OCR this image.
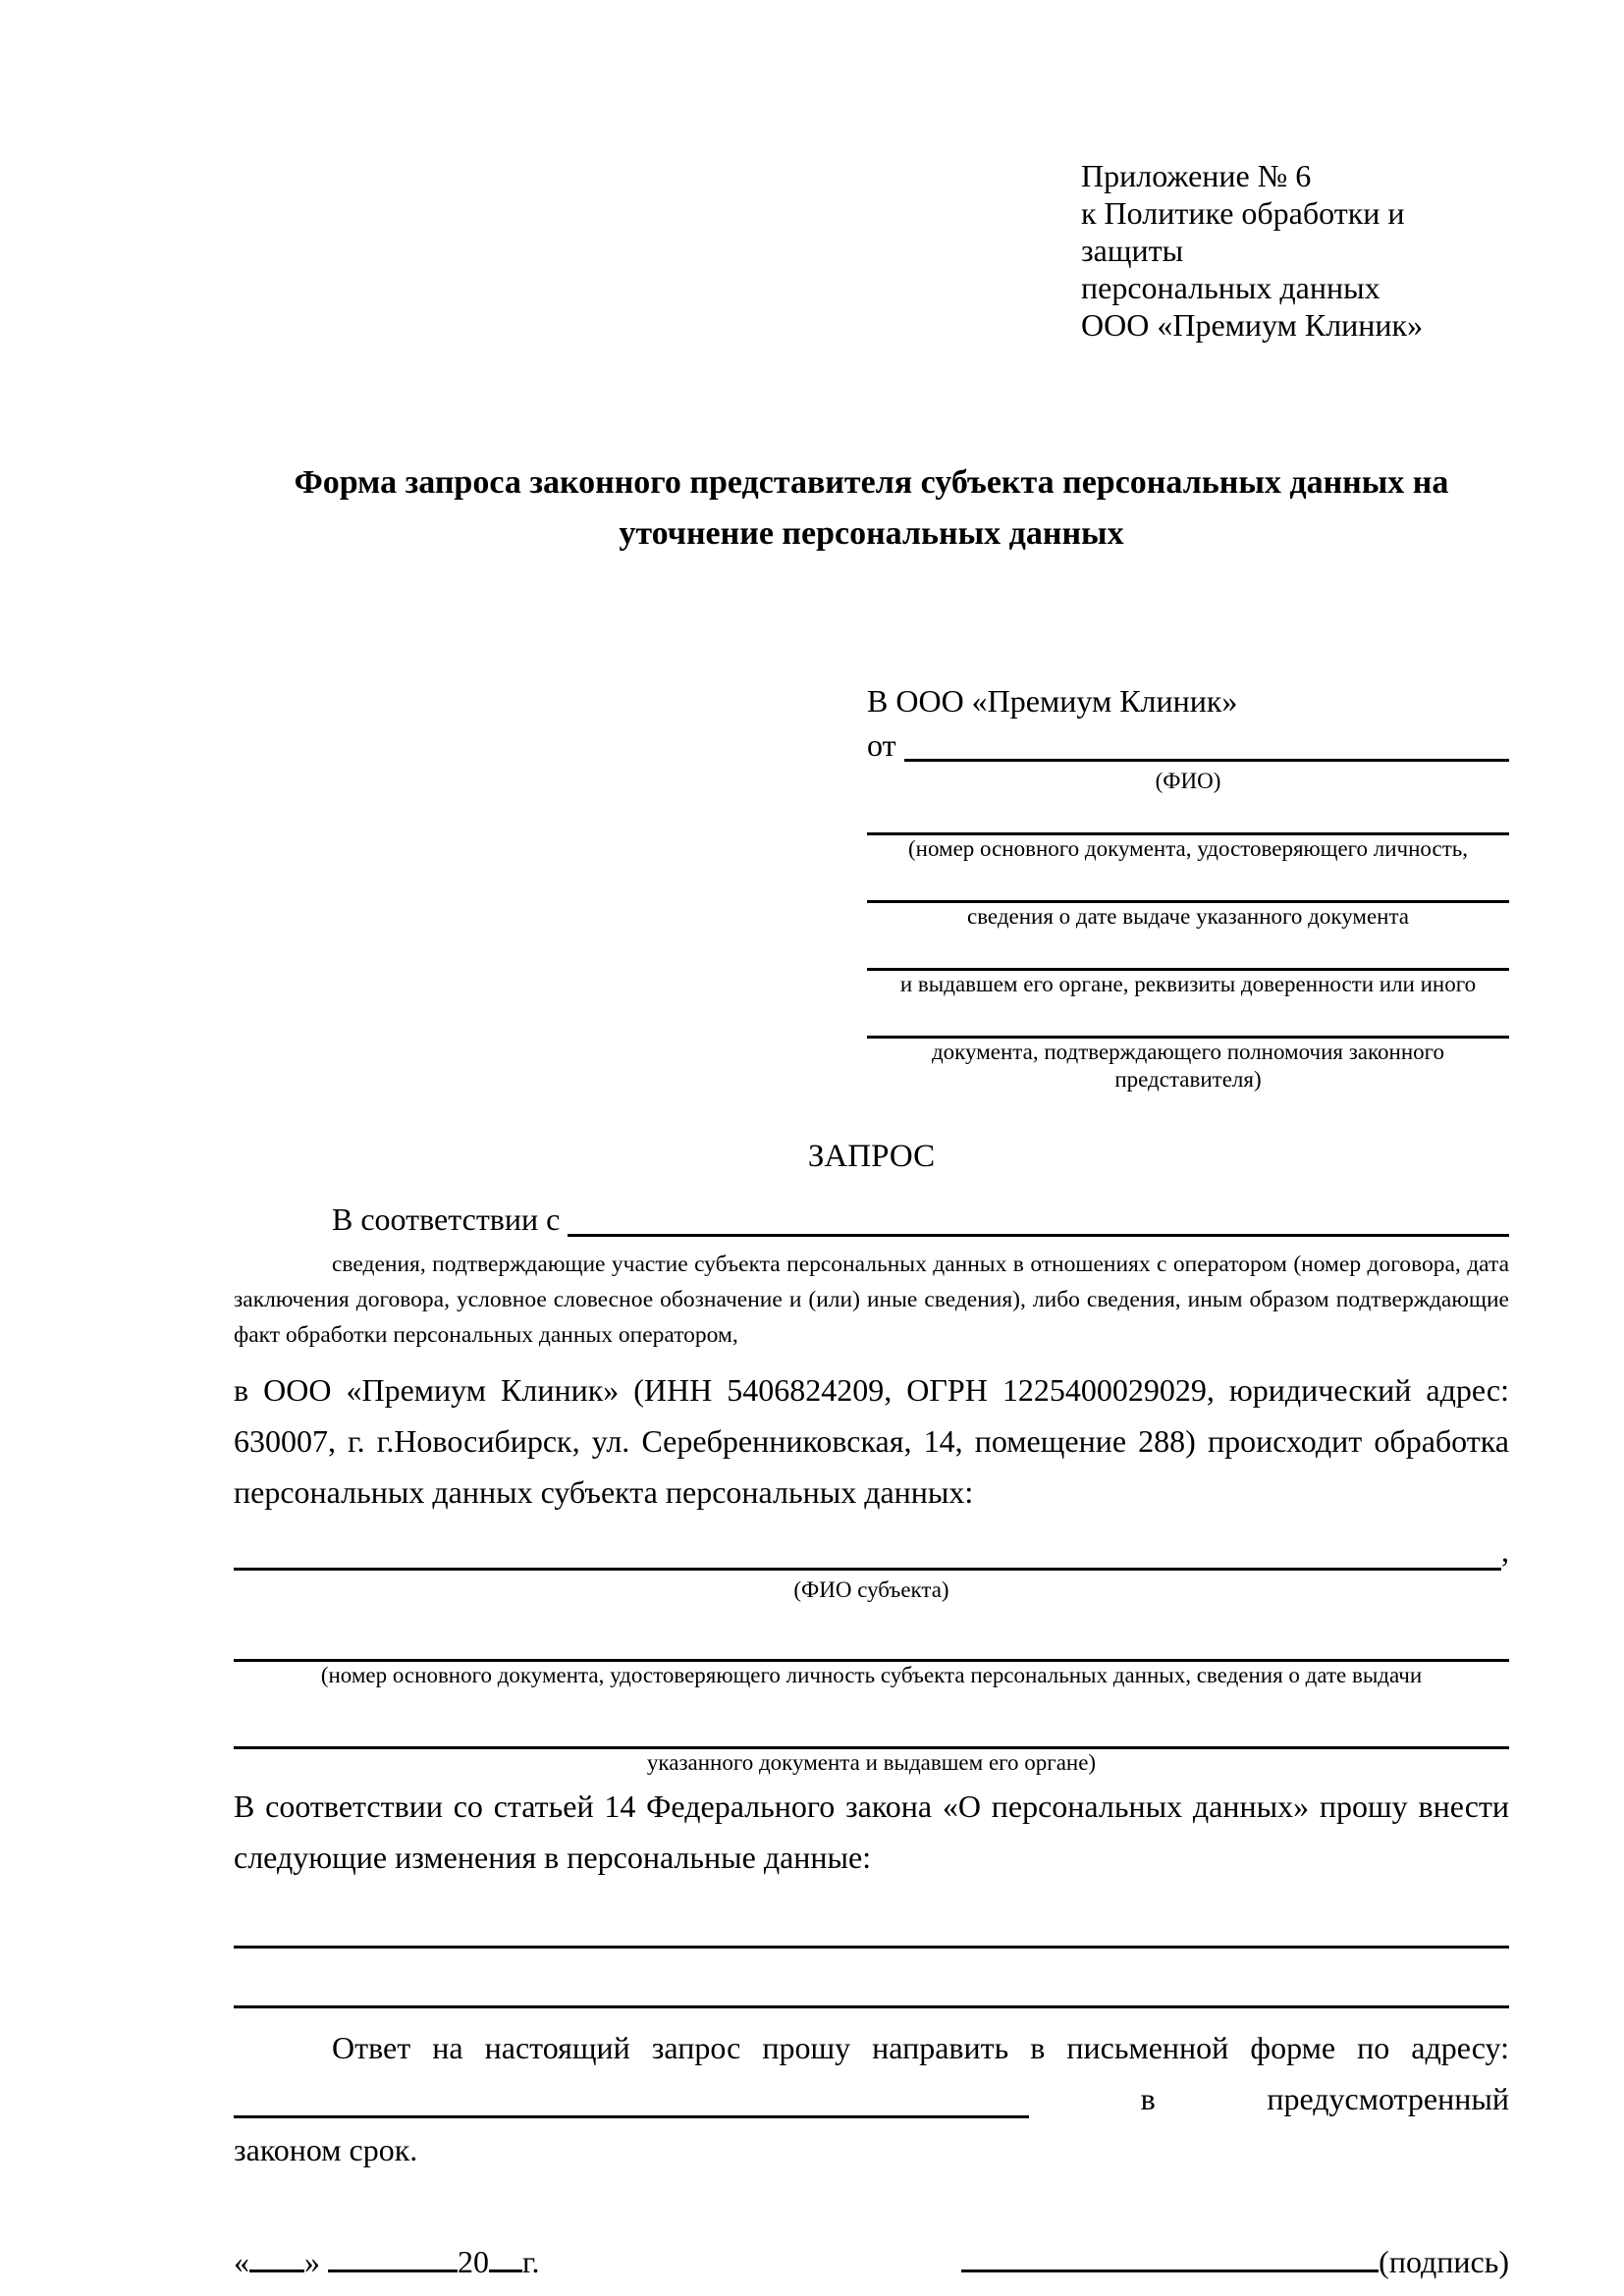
Приложение № 6
к Политике обработки и защиты
персональных данных
ООО «Премиум Клиник»
Форма запроса законного представителя субъекта персональных данных на уточнение персональных данных
В ООО «Премиум Клиник»
от
(ФИО)
(номер основного документа, удостоверяющего личность,
сведения о дате выдаче указанного документа
и выдавшем его органе, реквизиты доверенности или иного
документа, подтверждающего полномочия законного представителя)
ЗАПРОС
В соответствии с
сведения, подтверждающие участие субъекта персональных данных в отношениях с оператором (номер договора, дата заключения договора, условное словесное обозначение и (или) иные сведения), либо сведения, иным образом подтверждающие факт обработки персональных данных оператором,
в ООО «Премиум Клиник» (ИНН 5406824209, ОГРН 1225400029029, юридический адрес: 630007, г. г.Новосибирск, ул. Серебренниковская, 14, помещение 288) происходит обработка персональных данных субъекта персональных данных:
,
(ФИО субъекта)
(номер основного документа, удостоверяющего личность субъекта персональных данных, сведения о дате выдачи
указанного документа и выдавшем его органе)
В соответствии со статьей 14 Федерального закона «О персональных данных» прошу внести следующие изменения в персональные данные:
Ответ на настоящий запрос прошу направить в письменной форме по адресу:
в	предусмотренный
законом срок.
« »	20 г.	(подпись)
